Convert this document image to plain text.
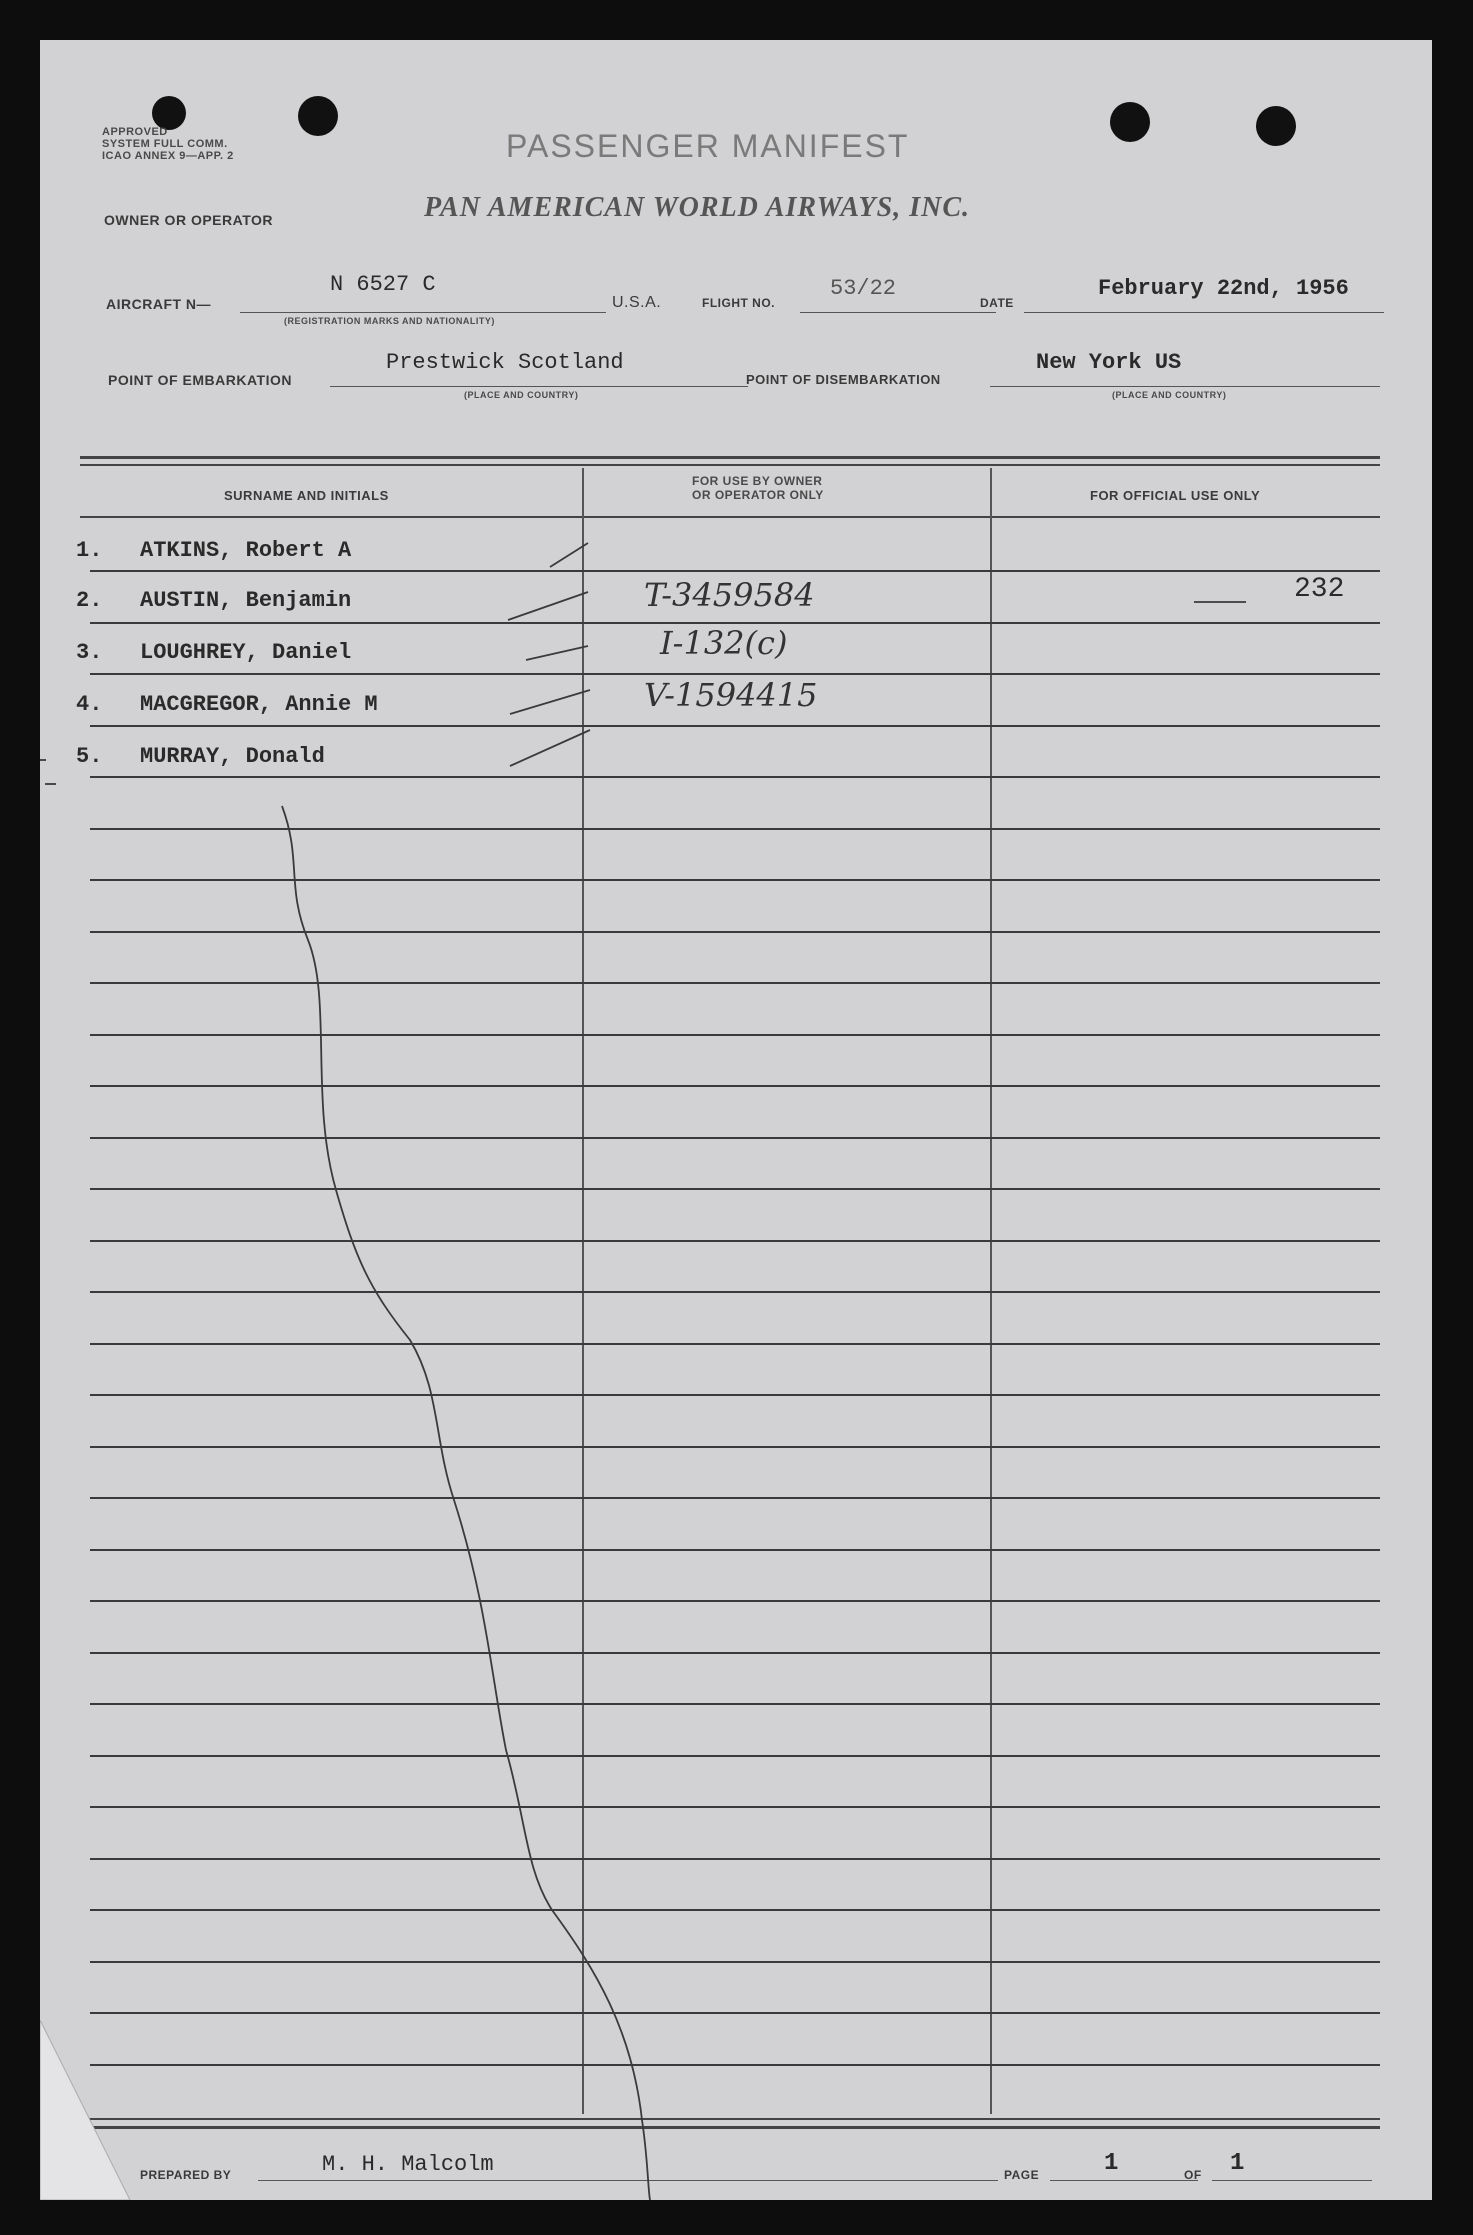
APPROVED
SYSTEM FULL COMM.
ICAO ANNEX 9—APP. 2	PASSENGER MANIFEST
OWNER OR OPERATOR	PAN AMERICAN WORLD AIRWAYS, INC.
AIRCRAFT N—
N 6527 C
(REGISTRATION MARKS AND NATIONALITY)
U.S.A.	FLIGHT NO.
53/22
DATE
February 22nd, 1956
POINT OF EMBARKATION
Prestwick Scotland
(PLACE AND COUNTRY)
POINT OF DISEMBARKATION
New York US
(PLACE AND COUNTRY)
SURNAME AND INITIALS
FOR USE BY OWNER
OR OPERATOR ONLY	FOR OFFICIAL USE ONLY
1. ATKINS, Robert A
2. AUSTIN, Benjamin	T-3459584	232
3. LOUGHREY, Daniel	I-132(c)
4. MACGREGOR, Annie M	V-1594415
5. MURRAY, Donald
PREPARED BY	M. H. Malcolm	PAGE	1	OF 1
